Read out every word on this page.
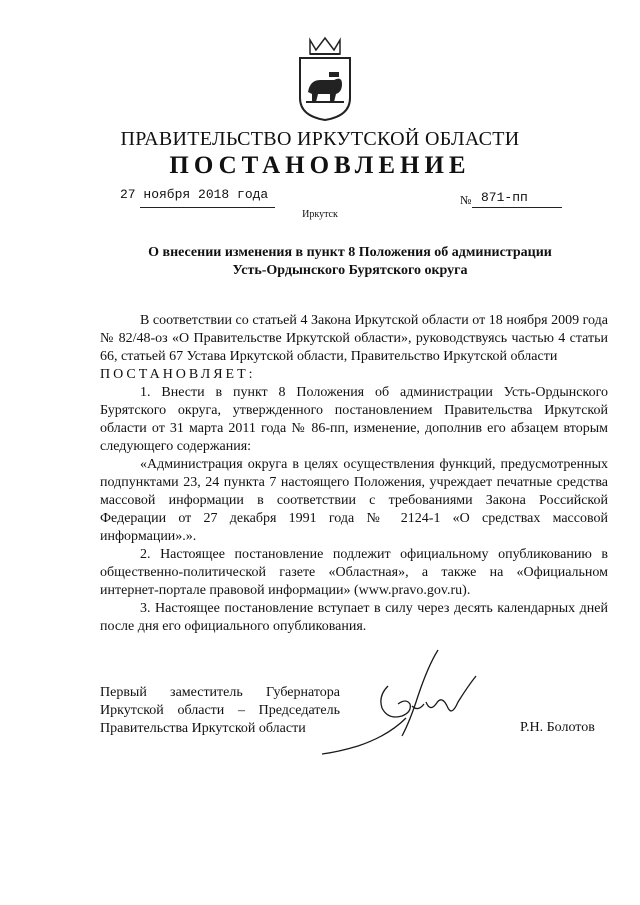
ПРАВИТЕЛЬСТВО ИРКУТСКОЙ ОБЛАСТИ
ПОСТАНОВЛЕНИЕ
27 ноября 2018 года	№ 871-пп
Иркутск
О внесении изменения в пункт 8 Положения об администрации
Усть-Ордынского Бурятского округа

В соответствии со статьей 4 Закона Иркутской области от 18 ноября 2009 года № 82/48-оз «О Правительстве Иркутской области», руководствуясь частью 4 статьи 66, статьей 67 Устава Иркутской области, Правительство Иркутской области

ПОСТАНОВЛЯЕТ:

1. Внести в пункт 8 Положения об администрации Усть-Ордынского Бурятского округа, утвержденного постановлением Правительства Иркутской области от 31 марта 2011 года № 86-пп, изменение, дополнив его абзацем вторым следующего содержания:

«Администрация округа в целях осуществления функций, предусмотренных подпунктами 23, 24 пункта 7 настоящего Положения, учреждает печатные средства массовой информации в соответствии с требованиями Закона Российской Федерации от 27 декабря 1991 года № 2124-1 «О средствах массовой информации».».

2. Настоящее постановление подлежит официальному опубликованию в общественно-политической газете «Областная», а также на «Официальном интернет-портале правовой информации» (www.pravo.gov.ru).

3. Настоящее постановление вступает в силу через десять календарных дней после дня его официального опубликования.

Первый заместитель Губернатора
Иркутской области – Председатель
Правительства Иркутской области	Р.Н. Болотов
